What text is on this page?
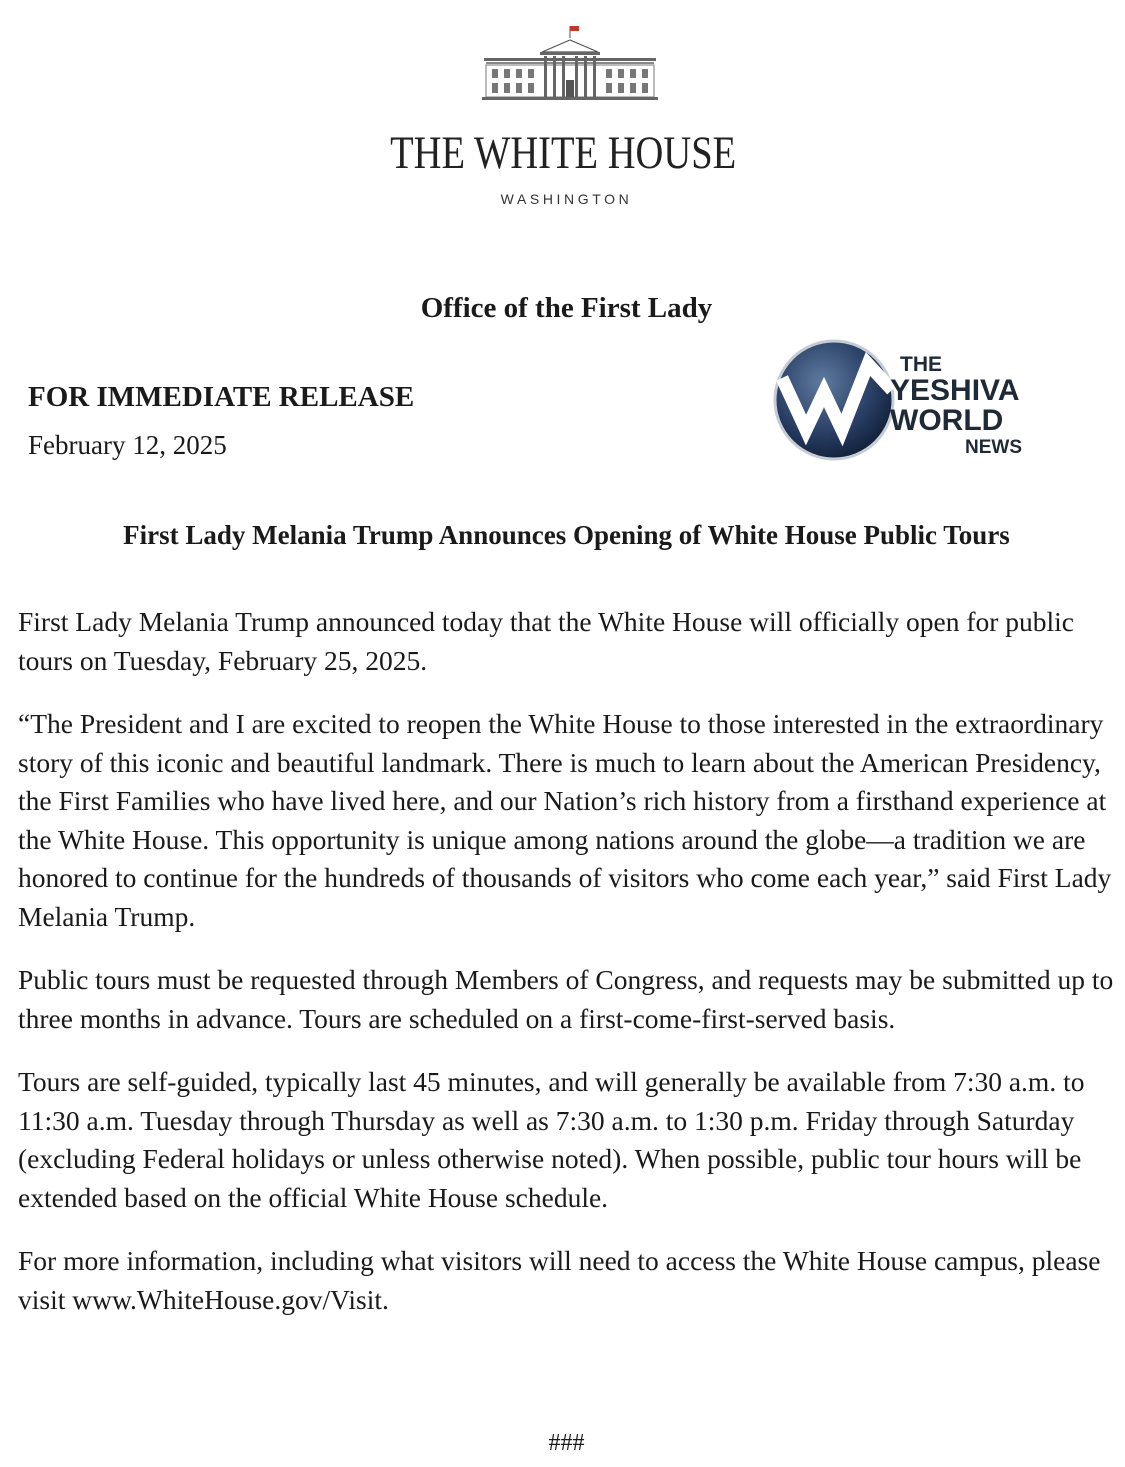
THE WHITE HOUSE
WASHINGTON
Office of the First Lady
FOR IMMEDIATE RELEASE
February 12, 2025
THE
YESHIVA
WORLD
NEWS
First Lady Melania Trump Announces Opening of White House Public Tours

First Lady Melania Trump announced today that the White House will officially open for public tours on Tuesday, February 25, 2025.

“The President and I are excited to reopen the White House to those interested in the extraordinary story of this iconic and beautiful landmark. There is much to learn about the American Presidency, the First Families who have lived here, and our Nation’s rich history from a firsthand experience at the White House. This opportunity is unique among nations around the globe—a tradition we are honored to continue for the hundreds of thousands of visitors who come each year,” said First Lady Melania Trump.

Public tours must be requested through Members of Congress, and requests may be submitted up to three months in advance. Tours are scheduled on a first-come-first-served basis.

Tours are self-guided, typically last 45 minutes, and will generally be available from 7:30 a.m. to 11:30 a.m. Tuesday through Thursday as well as 7:30 a.m. to 1:30 p.m. Friday through Saturday (excluding Federal holidays or unless otherwise noted). When possible, public tour hours will be extended based on the official White House schedule.

For more information, including what visitors will need to access the White House campus, please visit www.WhiteHouse.gov/Visit.

###
